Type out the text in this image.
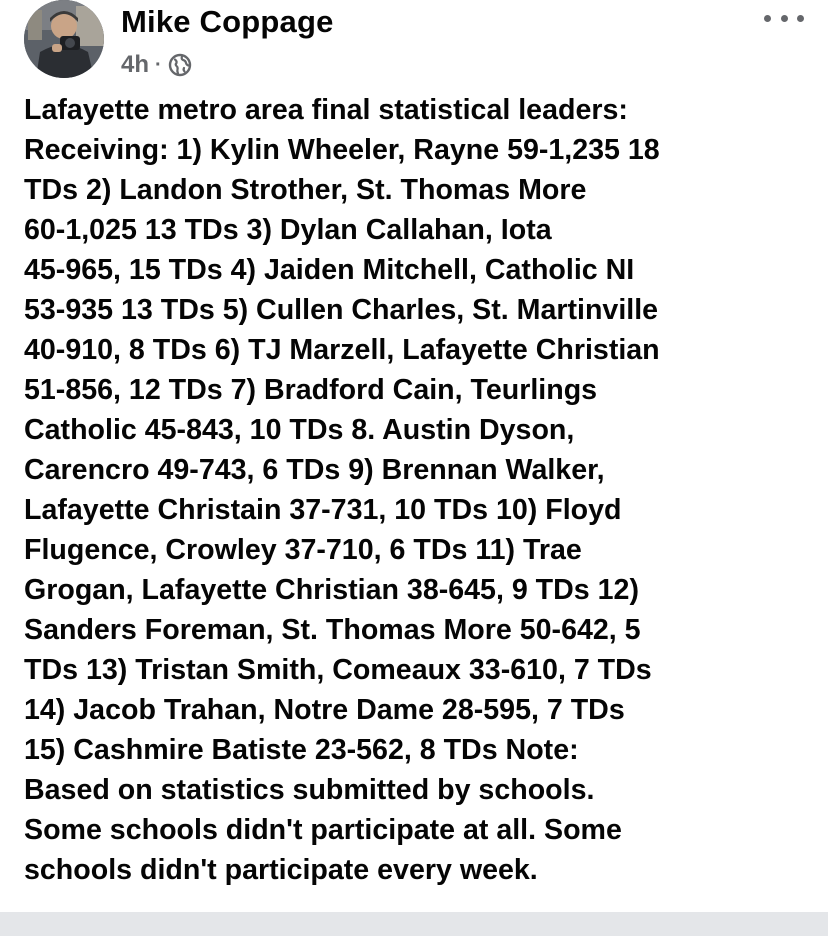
Mike Coppage
4h ·

Lafayette metro area final statistical leaders:
Receiving: 1) Kylin Wheeler, Rayne 59-1,235 18
TDs 2) Landon Strother, St. Thomas More
60-1,025 13 TDs 3) Dylan Callahan, Iota
45-965, 15 TDs 4) Jaiden Mitchell, Catholic NI
53-935 13 TDs 5) Cullen Charles, St. Martinville
40-910, 8 TDs 6) TJ Marzell, Lafayette Christian
51-856, 12 TDs 7) Bradford Cain, Teurlings
Catholic 45-843, 10 TDs 8. Austin Dyson,
Carencro 49-743, 6 TDs 9) Brennan Walker,
Lafayette Christain 37-731, 10 TDs 10) Floyd
Flugence, Crowley 37-710, 6 TDs 11) Trae
Grogan, Lafayette Christian 38-645, 9 TDs 12)
Sanders Foreman, St. Thomas More 50-642, 5
TDs 13) Tristan Smith, Comeaux 33-610, 7 TDs
14) Jacob Trahan, Notre Dame 28-595, 7 TDs
15) Cashmire Batiste 23-562, 8 TDs Note:
Based on statistics submitted by schools.
Some schools didn't participate at all. Some
schools didn't participate every week.
